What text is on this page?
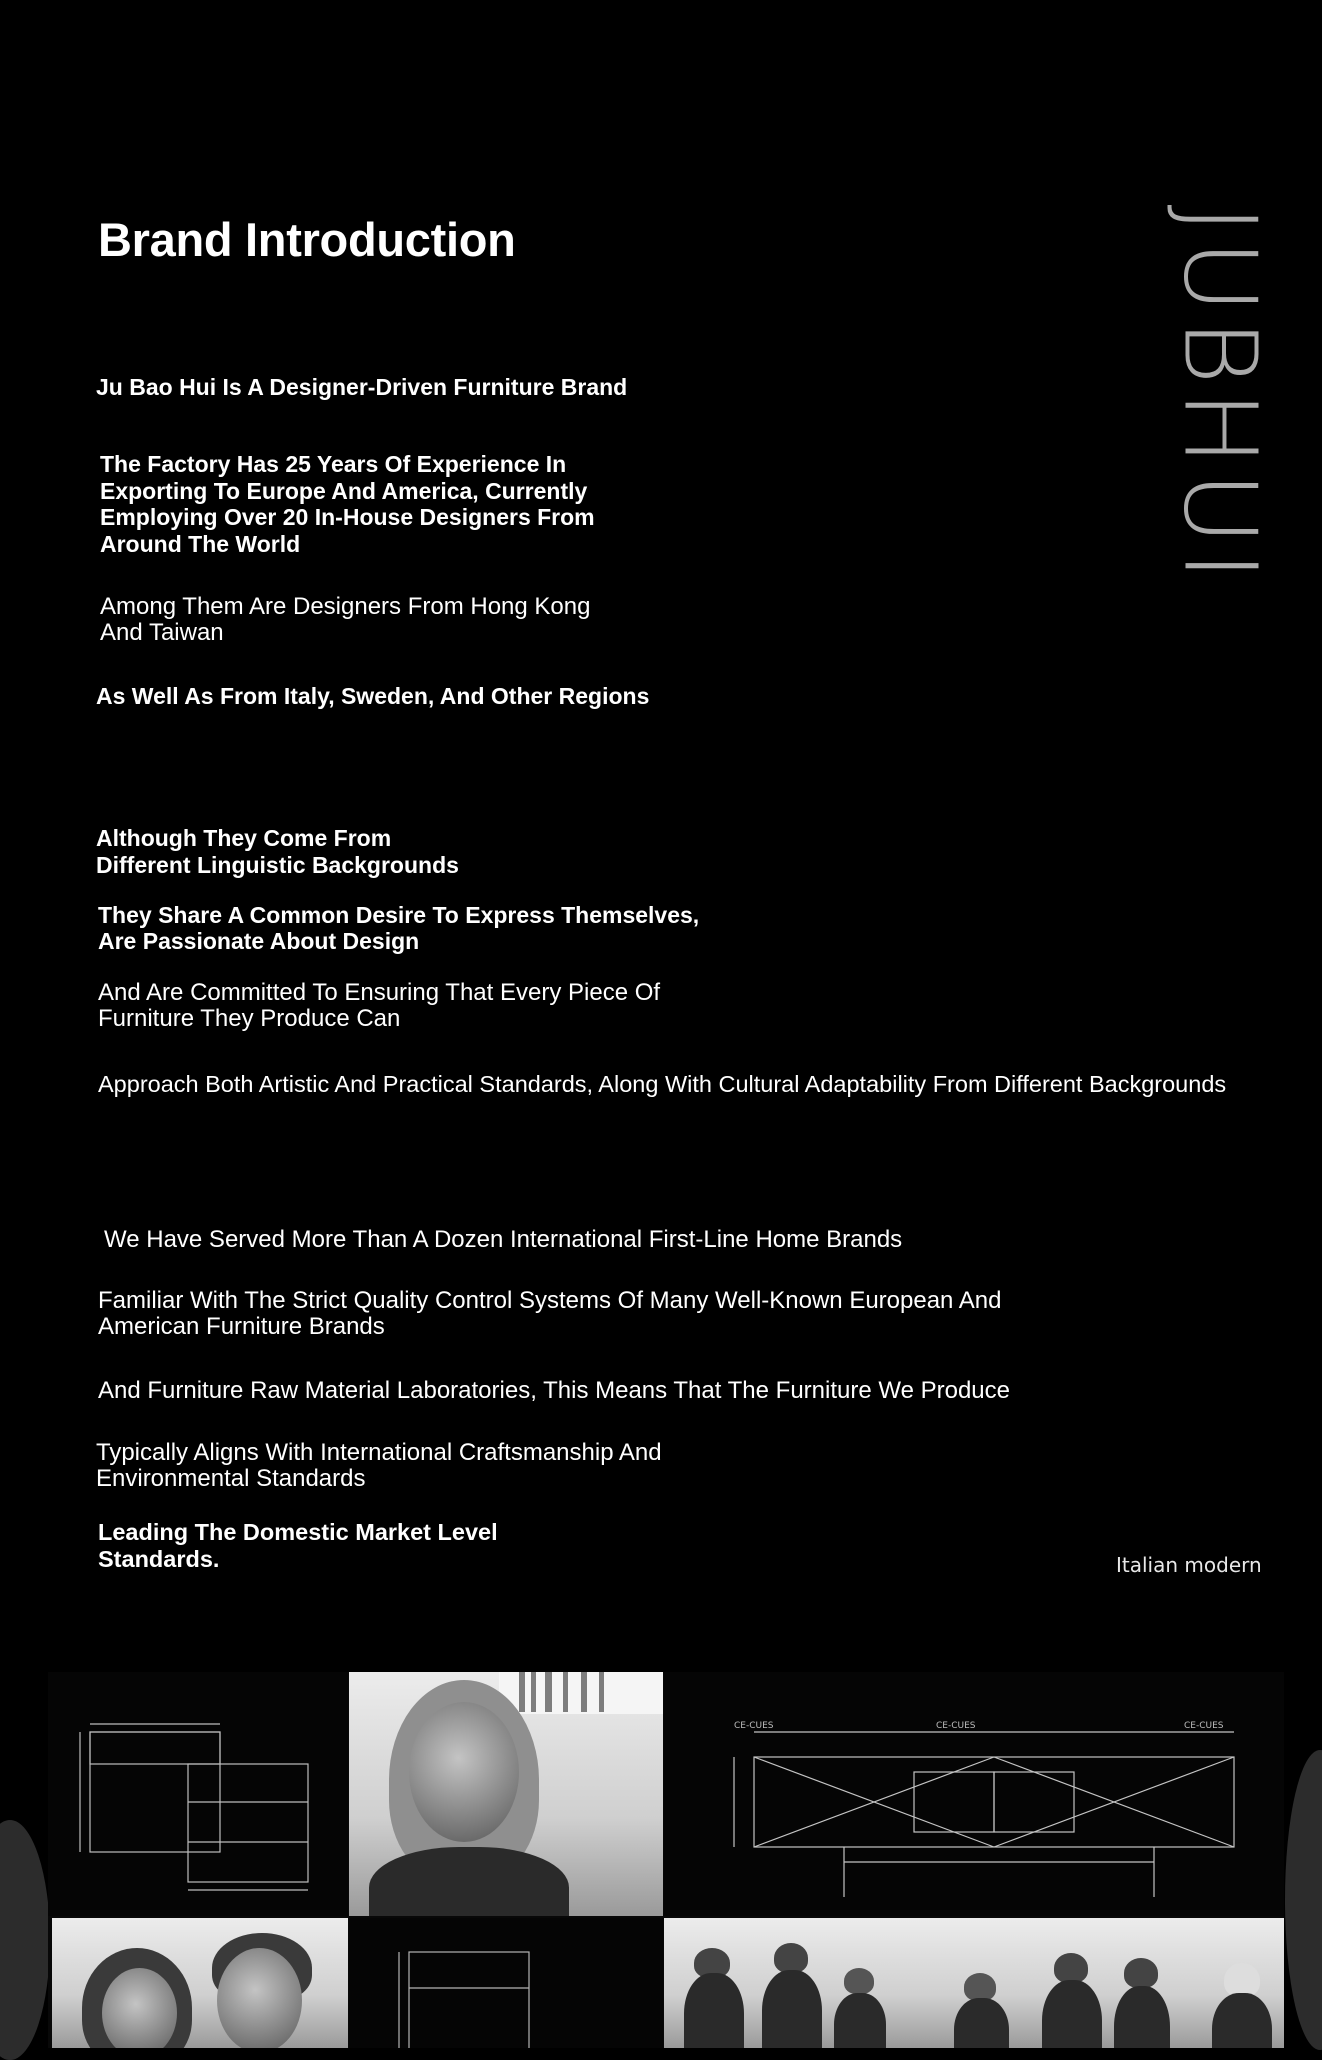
Brand Introduction	JUBHUI
Ju Bao Hui Is A Designer-Driven Furniture Brand
The Factory Has 25 Years Of Experience In
Exporting To Europe And America, Currently
Employing Over 20 In-House Designers From
Around The World
Among Them Are Designers From Hong Kong
And Taiwan
As Well As From Italy, Sweden, And Other Regions
Although They Come From
Different Linguistic Backgrounds
They Share A Common Desire To Express Themselves,
Are Passionate About Design
And Are Committed To Ensuring That Every Piece Of
Furniture They Produce Can
Approach Both Artistic And Practical Standards, Along With Cultural Adaptability From Different Backgrounds
We Have Served More Than A Dozen International First-Line Home Brands
Familiar With The Strict Quality Control Systems Of Many Well-Known European And
American Furniture Brands
And Furniture Raw Material Laboratories, This Means That The Furniture We Produce
Typically Aligns With International Craftsmanship And
Environmental Standards
Leading The Domestic Market Level
Standards.	Italian modern
CE-CUES	CE-CUES	CE-CUES
